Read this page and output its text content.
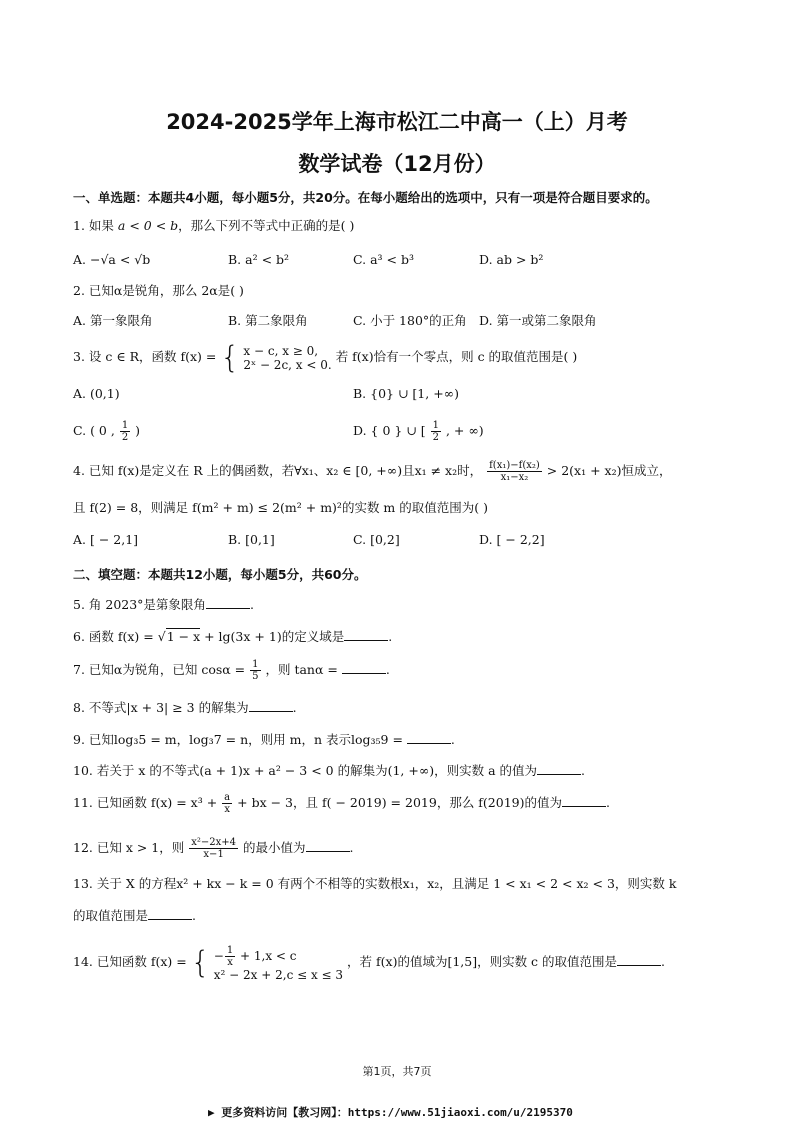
2024-2025学年上海市松江二中高一（上）月考
数学试卷（12月份）
一、单选题：本题共4小题，每小题5分，共20分。在每小题给出的选项中，只有一项是符合题目要求的。
1. 如果 a < 0 < b，那么下列不等式中正确的是( )
A. −√a < √b	B. a² < b²	C. a³ < b³	D. ab > b²
2. 已知α是锐角，那么 2α是( )
A. 第一象限角	B. 第二象限角	C. 小于 180°的正角 D. 第一或第二象限角
3. 设 c ∈ R，函数 f(x) = { x − c, x ≥ 0,
2ˣ − 2c, x < 0.
若 f(x)恰有一个零点，则 c 的取值范围是( )
A. (0,1)	B. {0} ∪ [1, +∞)
C. ( 0 , $\frac{1}{2}$ )	D. { 0 } ∪ [ $\frac{1}{2}$ , + ∞)
4. 已知 f(x)是定义在 R 上的偶函数，若∀x₁、x₂ ∈ [0, +∞)且x₁ ≠ x₂时， $\frac{\text{f(x₁)−f(x₂)}}{\text{x₁−x₂}} > 2(x_1 + x_2)$恒成立，
且 f(2) = 8，则满足 f(m² + m) ≤ 2(m² + m)²的实数 m 的取值范围为( )
A. [ − 2,1]	B. [0,1]	C. [0,2]	D. [ − 2,2]
二、填空题：本题共12小题，每小题5分，共60分。
5. 角 2023°是第象限角	.
6. 函数 f(x) = √1 − x + lg(3x + 1)的定义域是	.
7. 已知α为锐角，已知 $\cos\alpha = \frac{1}{5}$ ，则 tanα =	.
8. 不等式|x + 3| ≥ 3 的解集为	.
9. 已知log₃5 = m，log₃7 = n，则用 m，n 表示log₃₅9 =	.
10. 若关于 x 的不等式(a + 1)x + a² − 3 < 0 的解集为(1, +∞)，则实数 a 的值为	.
11. 已知函数 $f(x) = x^3 + \frac{a}{x}$ + bx − 3，且 f( − 2019) = 2019，那么 f(2019)的值为	.
12. 已知 x > 1，则 $\frac{\text{x²−2x+4}}{x-1}$ 的最小值为	.
13. 关于 X 的方程x² + kx − k = 0 有两个不相等的实数根x₁，x₂，且满足 1 < x₁ < 2 < x₂ < 3，则实数 k
的取值范围是	.
14. 已知函数 f(x) = { − $\frac{1}{x} + 1,x < c$
x² − 2x + 2,c ≤ x ≤ 3
，若 f(x)的值域为[1,5]，则实数 c 的取值范围是	.
第1页，共7页
▶ 更多资料访问【教习网】：https://www.51jiaoxi.com/u/2195370
